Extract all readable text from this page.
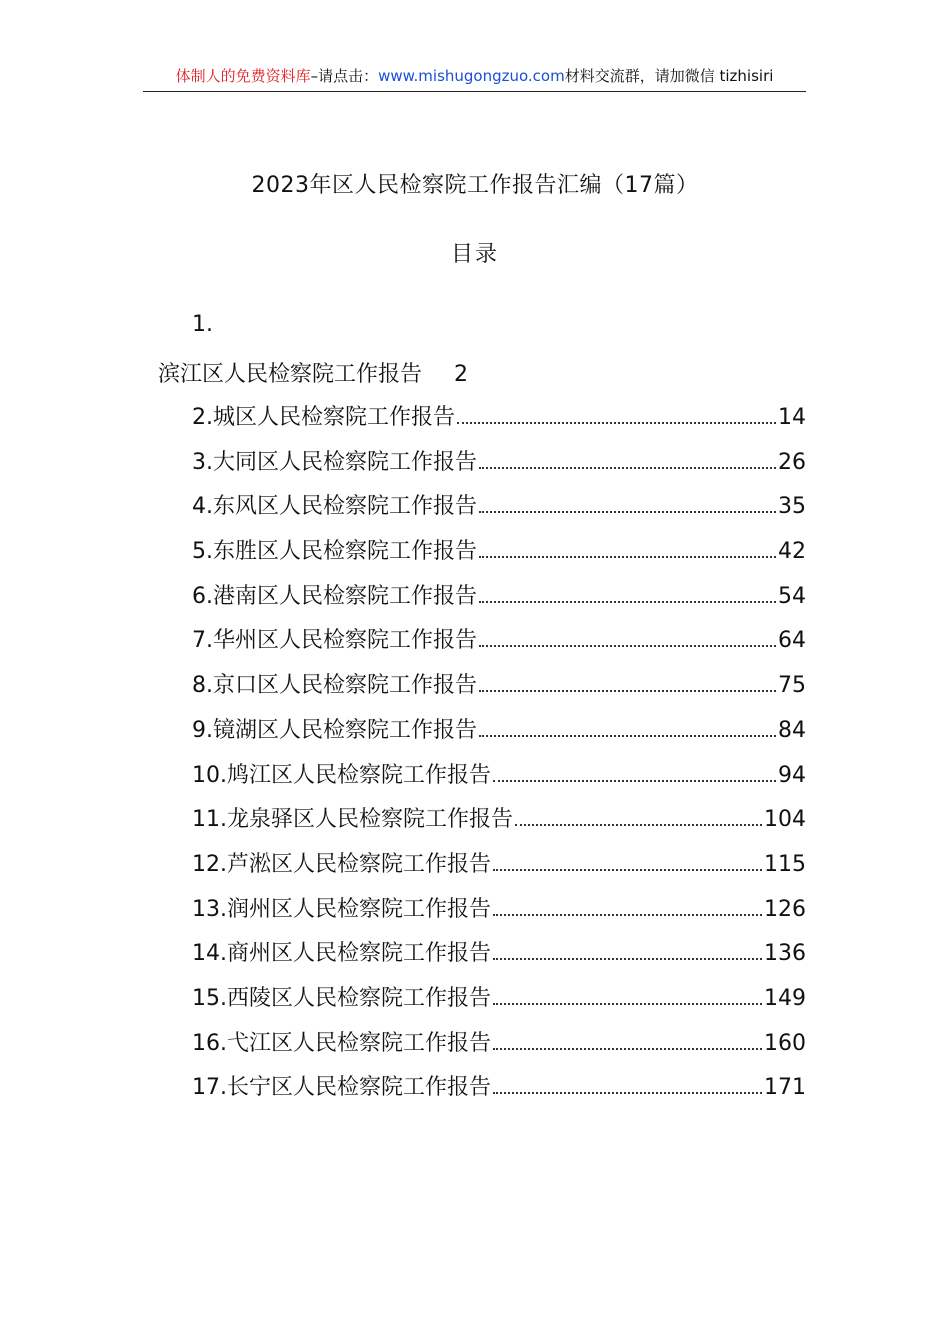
体制人的免费资料库–请点击：www.mishugongzuo.com材料交流群，请加微信 tizhisiri
2023年区人民检察院工作报告汇编（17篇）
目录
1.
滨江区人民检察院工作报告 2
2.城区人民检察院工作报告	14
3.大同区人民检察院工作报告	26
4.东风区人民检察院工作报告	35
5.东胜区人民检察院工作报告	42
6.港南区人民检察院工作报告	54
7.华州区人民检察院工作报告	64
8.京口区人民检察院工作报告	75
9.镜湖区人民检察院工作报告	84
10.鸠江区人民检察院工作报告	94
11.龙泉驿区人民检察院工作报告	104
12.芦淞区人民检察院工作报告	115
13.润州区人民检察院工作报告	126
14.商州区人民检察院工作报告	136
15.西陵区人民检察院工作报告	149
16.弋江区人民检察院工作报告	160
17.长宁区人民检察院工作报告	171
